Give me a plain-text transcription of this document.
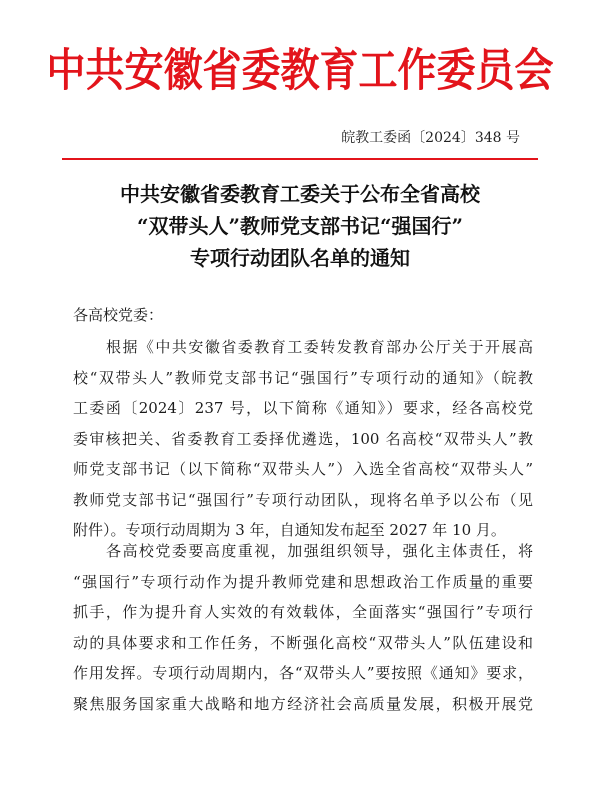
中共安徽省委教育工作委员会
皖教工委函〔2024〕348 号
中共安徽省委教育工委关于公布全省高校
“双带头人”教师党支部书记“强国行”
专项行动团队名单的通知
各高校党委：
　　根据《中共安徽省委教育工委转发教育部办公厅关于开展高
校“双带头人”教师党支部书记“强国行”专项行动的通知》（皖教
工委函〔2024〕237 号，以下简称《通知》）要求，经各高校党
委审核把关、省委教育工委择优遴选，100 名高校“双带头人”教
师党支部书记（以下简称“双带头人”）入选全省高校“双带头人”
教师党支部书记“强国行”专项行动团队，现将名单予以公布（见
附件）。专项行动周期为 3 年，自通知发布起至 2027 年 10 月。
　　各高校党委要高度重视，加强组织领导，强化主体责任，将
“强国行”专项行动作为提升教师党建和思想政治工作质量的重要
抓手，作为提升育人实效的有效载体，全面落实“强国行”专项行
动的具体要求和工作任务，不断强化高校“双带头人”队伍建设和
作用发挥。专项行动周期内，各“双带头人”要按照《通知》要求，
聚焦服务国家重大战略和地方经济社会高质量发展，积极开展党
